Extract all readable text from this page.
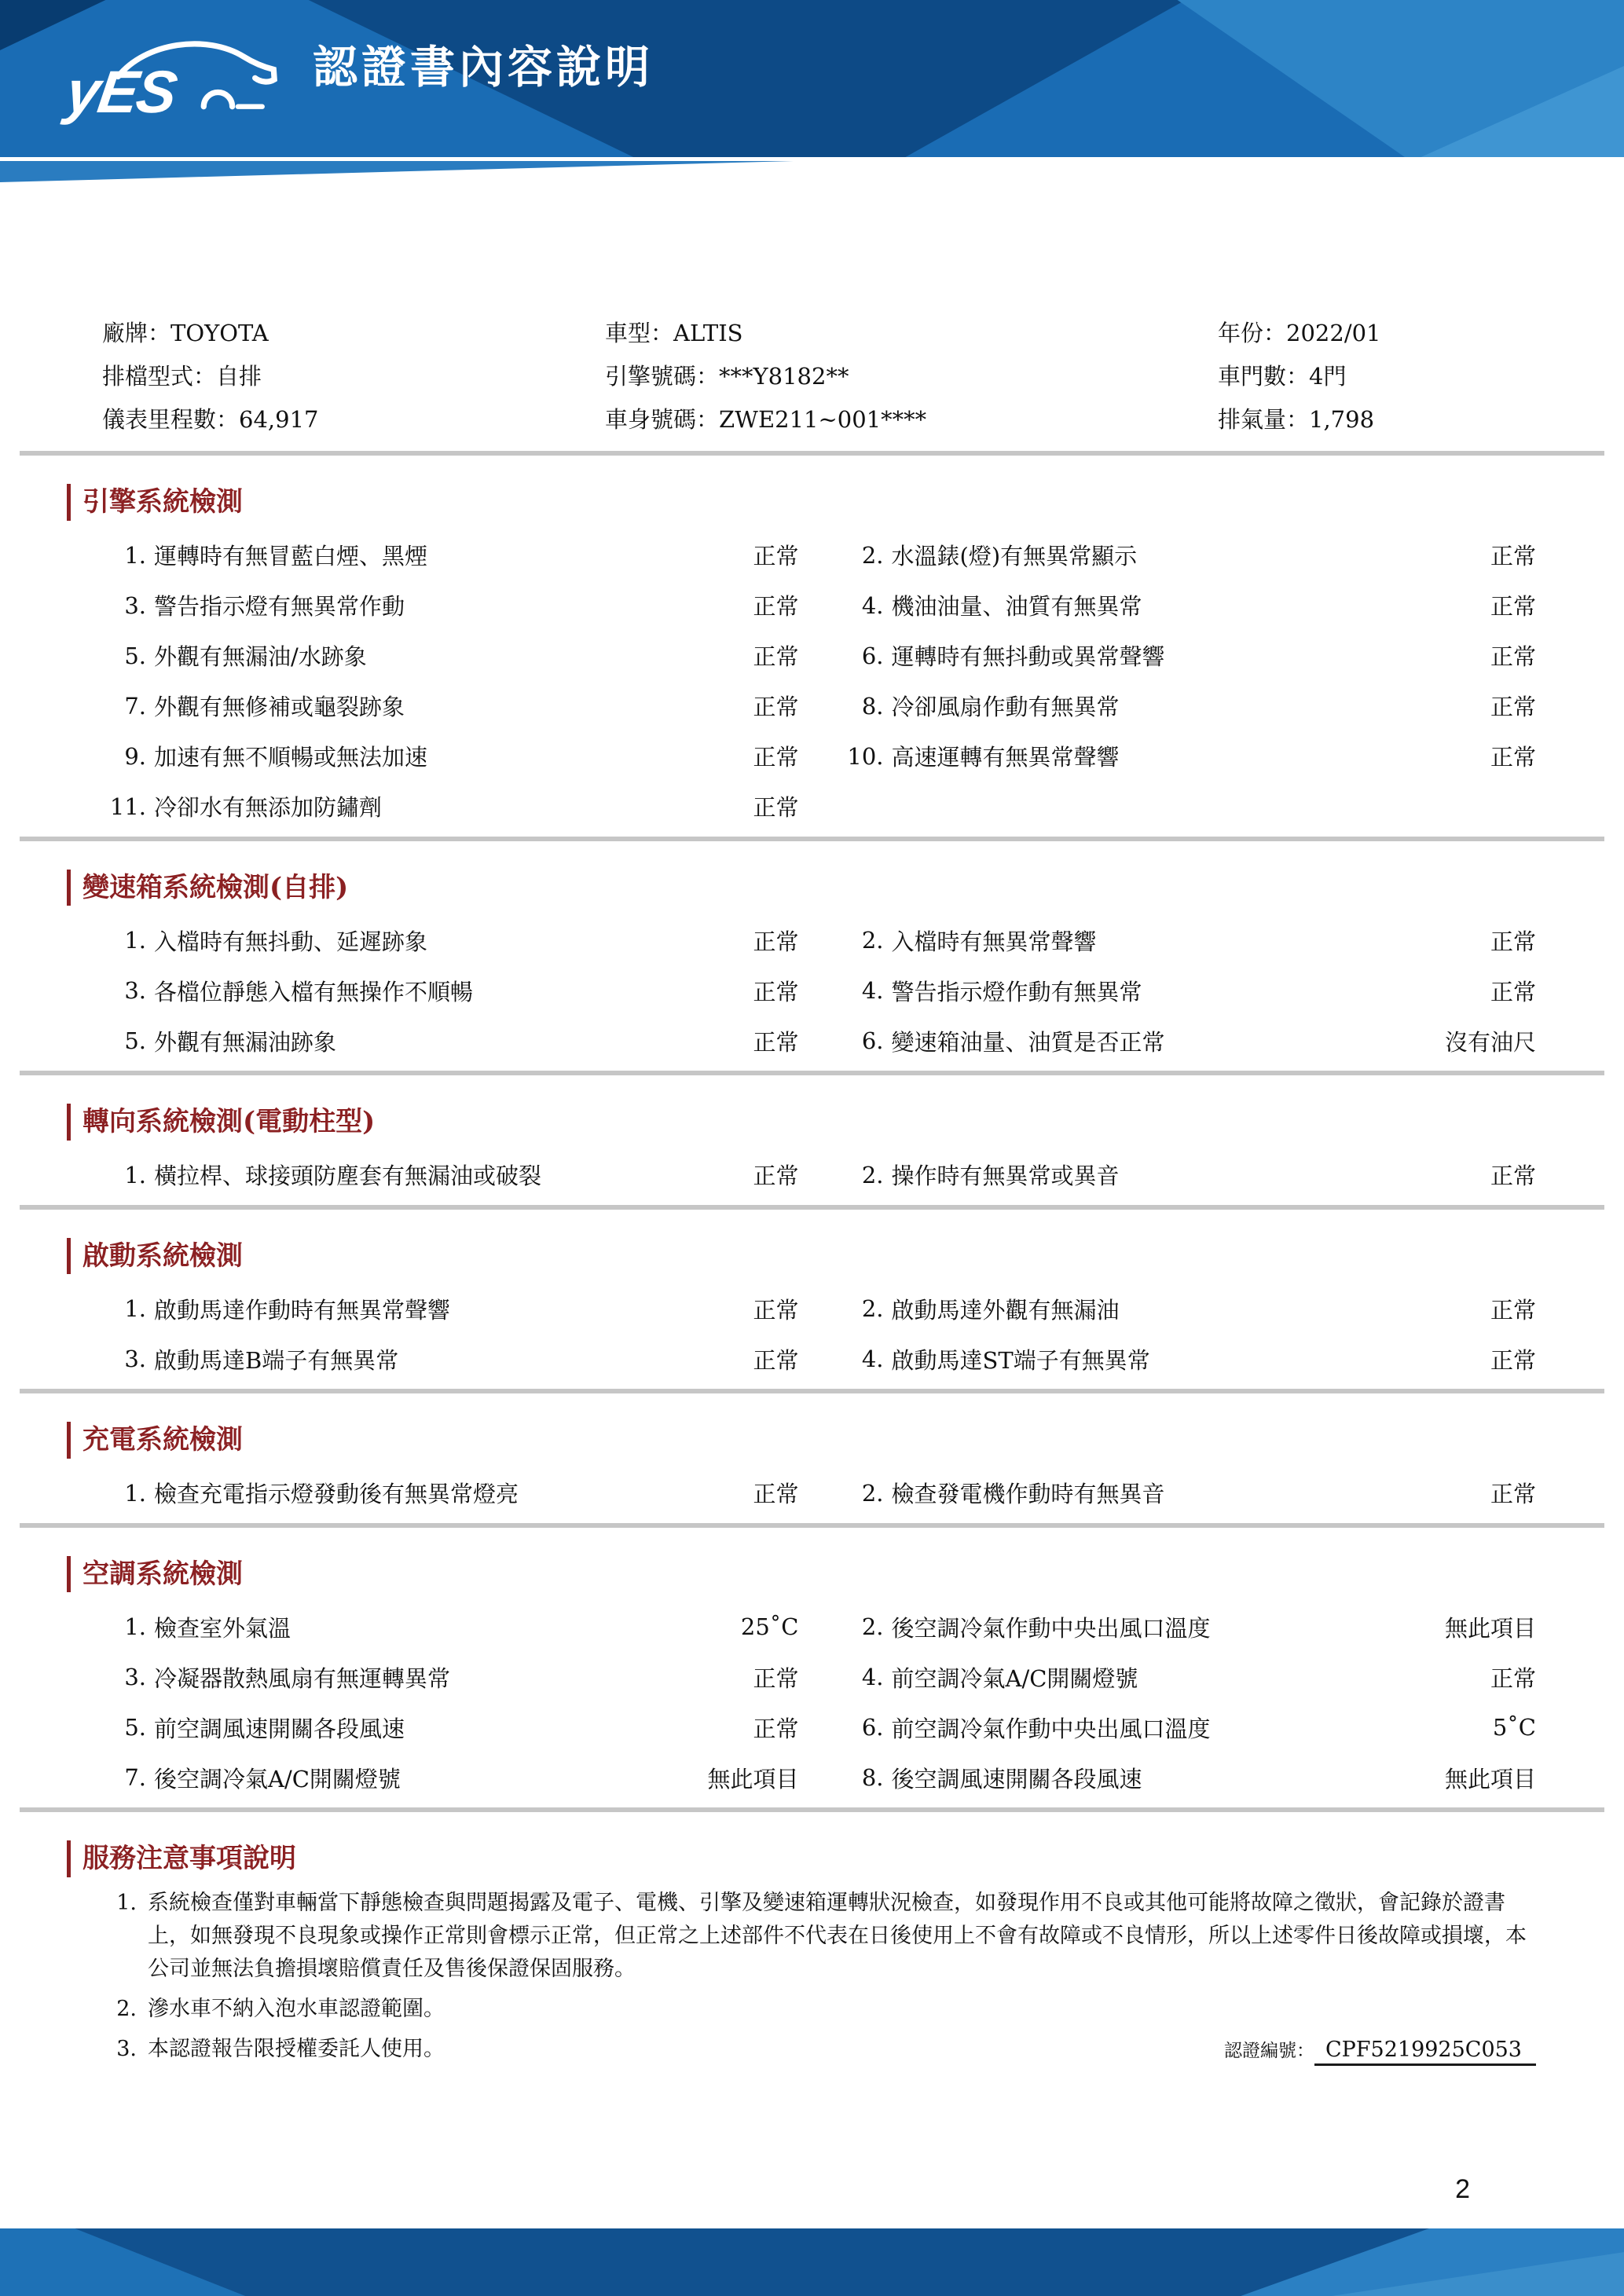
yES	認證書內容說明
廠牌：TOYOTA	車型：ALTIS	年份：2022/01
排檔型式：自排	引擎號碼：***Y8182**	車門數：4門
儀表里程數：64,917	車身號碼：ZWE211~001****	排氣量：1,798
引擎系統檢測
1. 運轉時有無冒藍白煙、黑煙	正常	2. 水溫錶(燈)有無異常顯示	正常
3. 警告指示燈有無異常作動	正常	4. 機油油量、油質有無異常	正常
5. 外觀有無漏油/水跡象	正常	6. 運轉時有無抖動或異常聲響	正常
7. 外觀有無修補或龜裂跡象	正常	8. 冷卻風扇作動有無異常	正常
9. 加速有無不順暢或無法加速	正常	10. 高速運轉有無異常聲響	正常
11. 冷卻水有無添加防鏽劑	正常
變速箱系統檢測(自排)
1. 入檔時有無抖動、延遲跡象	正常	2. 入檔時有無異常聲響	正常
3. 各檔位靜態入檔有無操作不順暢	正常	4. 警告指示燈作動有無異常	正常
5. 外觀有無漏油跡象	正常	6. 變速箱油量、油質是否正常	沒有油尺
轉向系統檢測(電動柱型)
1. 橫拉桿、球接頭防塵套有無漏油或破裂	正常	2. 操作時有無異常或異音	正常
啟動系統檢測
1. 啟動馬達作動時有無異常聲響	正常	2. 啟動馬達外觀有無漏油	正常
3. 啟動馬達B端子有無異常	正常	4. 啟動馬達ST端子有無異常	正常
充電系統檢測
1. 檢查充電指示燈發動後有無異常燈亮	正常	2. 檢查發電機作動時有無異音	正常
空調系統檢測
1. 檢查室外氣溫	25˚C	2. 後空調冷氣作動中央出風口溫度	無此項目
3. 冷凝器散熱風扇有無運轉異常	正常	4. 前空調冷氣A/C開關燈號	正常
5. 前空調風速開關各段風速	正常	6. 前空調冷氣作動中央出風口溫度	5˚C
7. 後空調冷氣A/C開關燈號	無此項目	8. 後空調風速開關各段風速	無此項目
服務注意事項說明
1. 系統檢查僅對車輛當下靜態檢查與問題揭露及電子、電機、引擎及變速箱運轉狀況檢查，如發現作用不良或其他可能將故障之徵狀，會記錄於證書上，如無發現不良現象或操作正常則會標示正常，但正常之上述部件不代表在日後使用上不會有故障或不良情形，所以上述零件日後故障或損壞，本公司並無法負擔損壞賠償責任及售後保證保固服務。
2. 滲水車不納入泡水車認證範圍。
3. 本認證報告限授權委託人使用。	認證編號： CPF5219925C053
2
